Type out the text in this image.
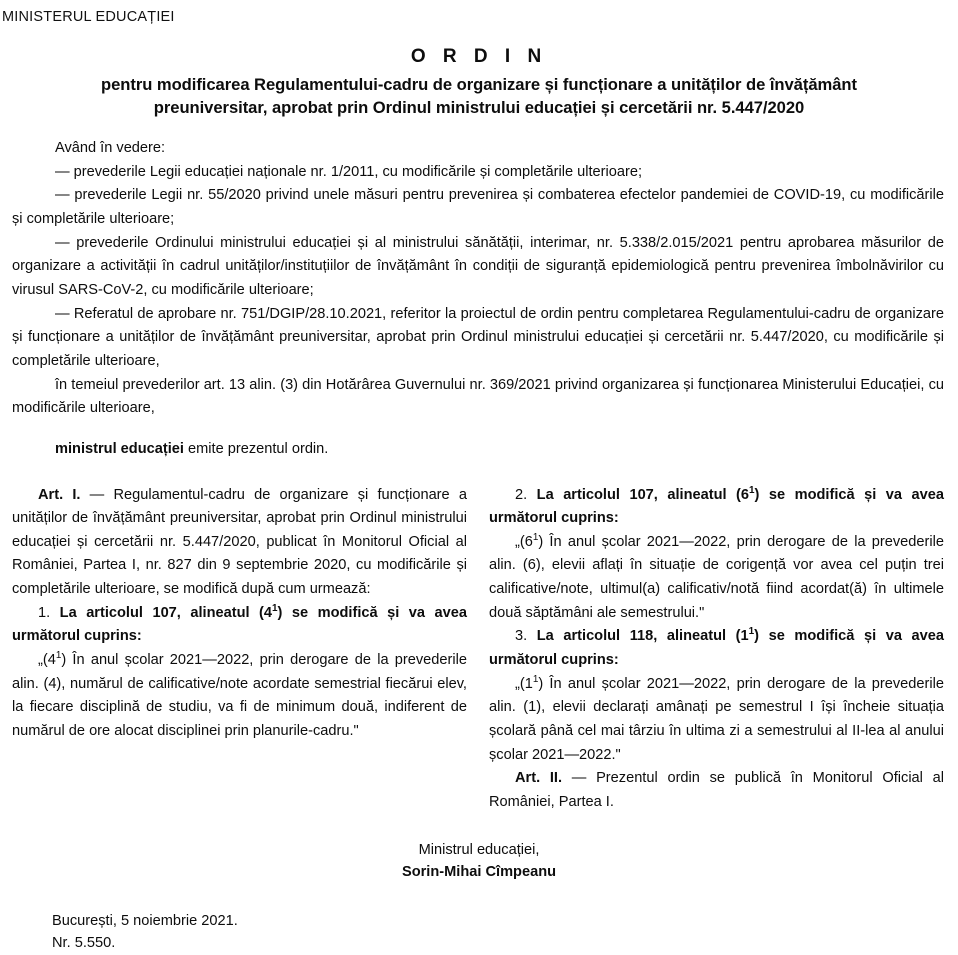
MINISTERUL EDUCAȚIEI
O R D I N
pentru modificarea Regulamentului-cadru de organizare și funcționare a unităților de învățământ
preuniversitar, aprobat prin Ordinul ministrului educației și cercetării nr. 5.447/2020

Având în vedere:

— prevederile Legii educației naționale nr. 1/2011, cu modificările și completările ulterioare;

— prevederile Legii nr. 55/2020 privind unele măsuri pentru prevenirea și combaterea efectelor pandemiei de COVID-19, cu modificările și completările ulterioare;

— prevederile Ordinului ministrului educației și al ministrului sănătății, interimar, nr. 5.338/2.015/2021 pentru aprobarea măsurilor de organizare a activității în cadrul unităților/instituțiilor de învățământ în condiții de siguranță epidemiologică pentru prevenirea îmbolnăvirilor cu virusul SARS-CoV-2, cu modificările ulterioare;

— Referatul de aprobare nr. 751/DGIP/28.10.2021, referitor la proiectul de ordin pentru completarea Regulamentului-cadru de organizare și funcționare a unităților de învățământ preuniversitar, aprobat prin Ordinul ministrului educației și cercetării nr. 5.447/2020, cu modificările și completările ulterioare,

în temeiul prevederilor art. 13 alin. (3) din Hotărârea Guvernului nr. 369/2021 privind organizarea și funcționarea Ministerului Educației, cu modificările ulterioare,

ministrul educației emite prezentul ordin.

Art. I. — Regulamentul-cadru de organizare și funcționare a unităților de învățământ preuniversitar, aprobat prin Ordinul ministrului educației și cercetării nr. 5.447/2020, publicat în Monitorul Oficial al României, Partea I, nr. 827 din 9 septembrie 2020, cu modificările și completările ulterioare, se modifică după cum urmează:

1. La articolul 107, alineatul $(4^1)$ se modifică și va avea următorul cuprins:

$„(4^1)$ În anul școlar 2021—2022, prin derogare de la prevederile alin. (4), numărul de calificative/note acordate semestrial fiecărui elev, la fiecare disciplină de studiu, va fi de minimum două, indiferent de numărul de ore alocat disciplinei prin planurile-cadru."

2. La articolul 107, alineatul $(6^1)$ se modifică și va avea următorul cuprins:

$„(6^1)$ În anul școlar 2021—2022, prin derogare de la prevederile alin. (6), elevii aflați în situație de corigență vor avea cel puțin trei calificative/note, ultimul(a) calificativ/notă fiind acordat(ă) în ultimele două săptămâni ale semestrului."

3. La articolul 118, alineatul $(1^1)$ se modifică și va avea următorul cuprins:

$„(1^1)$ În anul școlar 2021—2022, prin derogare de la prevederile alin. (1), elevii declarați amânați pe semestrul I își încheie situația școlară până cel mai târziu în ultima zi a semestrului al II-lea al anului școlar 2021—2022."

Art. II. — Prezentul ordin se publică în Monitorul Oficial al României, Partea I.

Ministrul educației,
Sorin-Mihai Cîmpeanu
București, 5 noiembrie 2021.
Nr. 5.550.
